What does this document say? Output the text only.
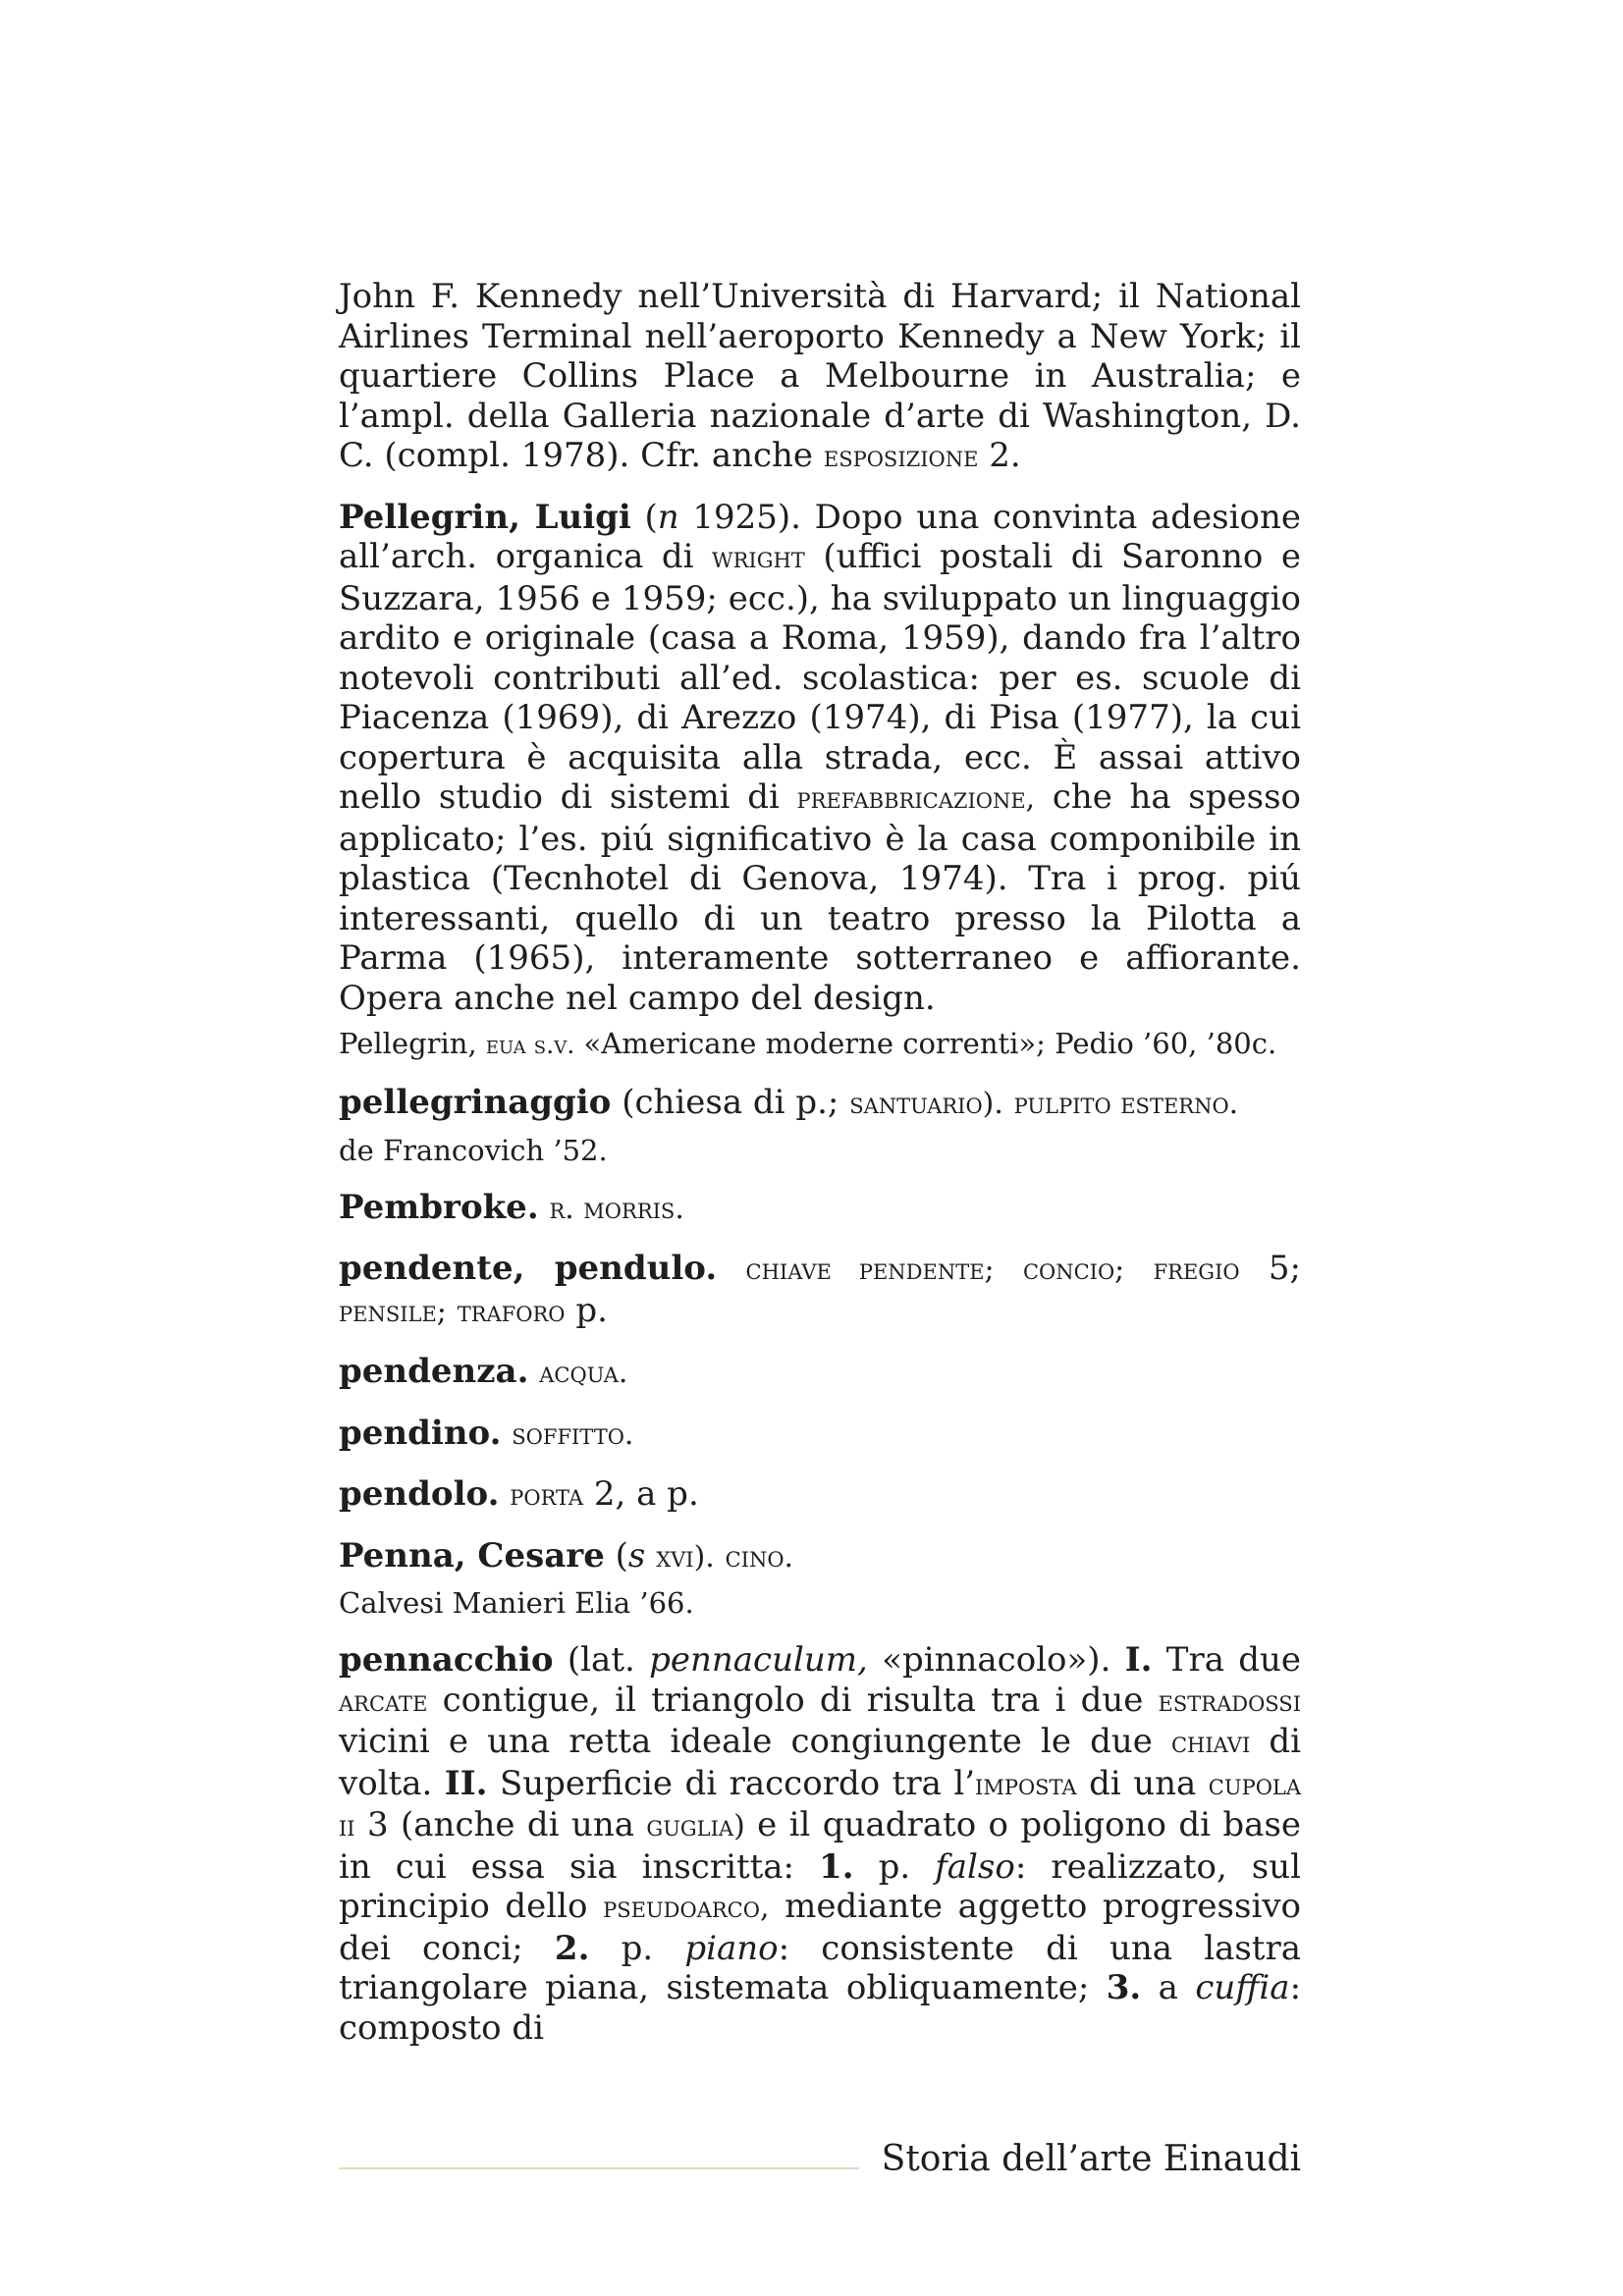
John F. Kennedy nell’Università di Harvard; il National Airlines Terminal nell’aeroporto Kennedy a New York; il quartiere Collins Place a Melbourne in Australia; e l’ampl. della Galleria nazionale d’arte di Washington, D. C. (compl. 1978). Cfr. anche esposizione 2.

Pellegrin, Luigi (n 1925). Dopo una convinta adesione all’arch. organica di wright (uffici postali di Saronno e Suzzara, 1956 e 1959; ecc.), ha sviluppato un linguaggio ardito e originale (casa a Roma, 1959), dando fra l’altro notevoli contributi all’ed. scolastica: per es. scuole di Piacenza (1969), di Arezzo (1974), di Pisa (1977), la cui copertura è acquisita alla strada, ecc. È assai attivo nello studio di sistemi di prefabbricazione, che ha spesso applicato; l’es. piú significativo è la casa componibile in plastica (Tecnhotel di Genova, 1974). Tra i prog. piú interessanti, quello di un teatro presso la Pilotta a Parma (1965), interamente sotterraneo e affiorante. Opera anche nel campo del design.

Pellegrin, eua s.v. «Americane moderne correnti»; Pedio ’60, ’80c.

pellegrinaggio (chiesa di p.; santuario). pulpito esterno.

de Francovich ’52.

Pembroke. r. morris.

pendente, pendulo. chiave pendente; concio; fregio 5; pensile; traforo p.

pendenza. acqua.

pendino. soffitto.

pendolo. porta 2, a p.

Penna, Cesare (s xvi). cino.

Calvesi Manieri Elia ’66.

pennacchio (lat. pennaculum, «pinnacolo»). I. Tra due arcate contigue, il triangolo di risulta tra i due estradossi vicini e una retta ideale congiungente le due chiavi di volta. II. Superficie di raccordo tra l’imposta di una cupola ii 3 (anche di una guglia) e il quadrato o poligono di base in cui essa sia inscritta: 1. p. falso: realizzato, sul principio dello pseudoarco, mediante aggetto progressivo dei conci; 2. p. piano: consistente di una lastra triangolare piana, sistemata obliquamente; 3. a cuffia: composto di

Storia dell’arte Einaudi
